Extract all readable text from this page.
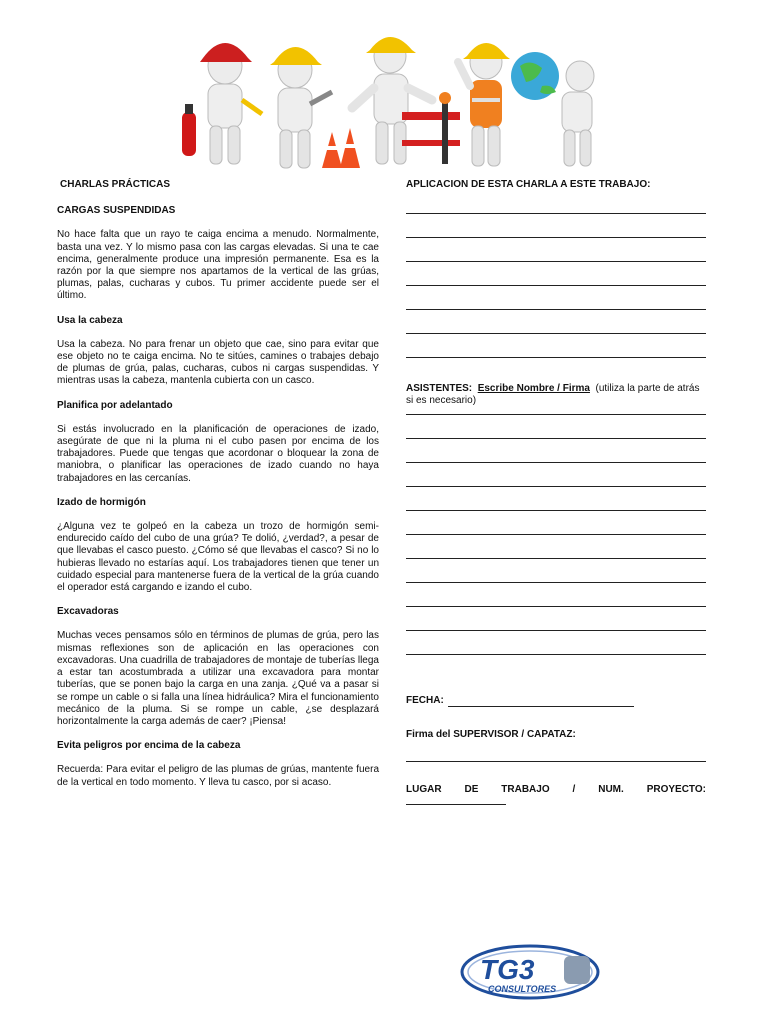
CHARLAS PRÁCTICAS

CARGAS SUSPENDIDAS

No hace falta que un rayo te caiga encima a menudo. Normalmente, basta una vez. Y lo mismo pasa con las cargas elevadas. Si una te cae encima, generalmente produce una impresión permanente. Esa es la razón por la que siempre nos apartamos de la vertical de las grúas, plumas, palas, cucharas y cubos. Tu primer accidente puede ser el último.

Usa la cabeza

Usa la cabeza. No para frenar un objeto que cae, sino para evitar que ese objeto no te caiga encima. No te sitúes, camines o trabajes debajo de plumas de grúa, palas, cucharas, cubos ni cargas suspendidas. Y mientras usas la cabeza, mantenla cubierta con un casco.

Planifica por adelantado

Si estás involucrado en la planificación de operaciones de izado, asegúrate de que ni la pluma ni el cubo pasen por encima de los trabajadores. Puede que tengas que acordonar o bloquear la zona de maniobra, o planificar las operaciones de izado cuando no haya trabajadores en las cercanías.

Izado de hormigón

¿Alguna vez te golpeó en la cabeza un trozo de hormigón semi-endurecido caído del cubo de una grúa? Te dolió, ¿verdad?, a pesar de que llevabas el casco puesto. ¿Cómo sé que llevabas el casco? Si no lo hubieras llevado no estarías aquí. Los trabajadores tienen que tener un cuidado especial para mantenerse fuera de la vertical de la grúa cuando el operador está cargando e izando el cubo.

Excavadoras

Muchas veces pensamos sólo en términos de plumas de grúa, pero las mismas reflexiones son de aplicación en las operaciones con excavadoras. Una cuadrilla de trabajadores de montaje de tuberías llega a estar tan acostumbrada a utilizar una excavadora para montar tuberías, que se ponen bajo la carga en una zanja. ¿Qué va a pasar si se rompe un cable o si falla una línea hidráulica? Mira el funcionamiento mecánico de la pluma. Si se rompe un cable, ¿se desplazará horizontalmente la carga además de caer? ¡Piensa!

Evita peligros por encima de la cabeza

Recuerda: Para evitar el peligro de las plumas de grúas, mantente fuera de la vertical en todo momento. Y lleva tu casco, por si acaso.

APLICACION DE ESTA CHARLA A ESTE TRABAJO:

ASISTENTES: Escribe Nombre / Firma (utiliza la parte de atrás si es necesario)

FECHA:

Firma del SUPERVISOR / CAPATAZ:

LUGAR DE TRABAJO / NUM. PROYECTO:
TG3
CONSULTORES
